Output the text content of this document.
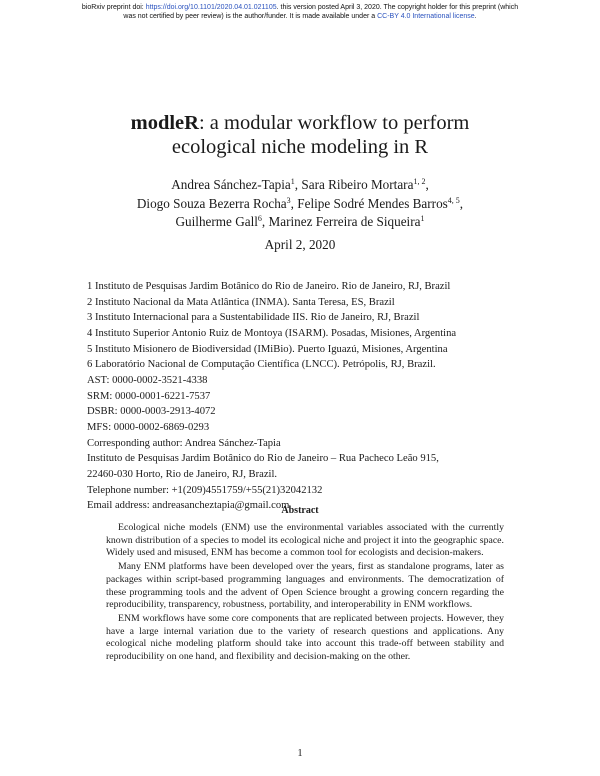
bioRxiv preprint doi: https://doi.org/10.1101/2020.04.01.021105. this version posted April 3, 2020. The copyright holder for this preprint (which
was not certified by peer review) is the author/funder. It is made available under a CC-BY 4.0 International license.
modleR: a modular workflow to perform
ecological niche modeling in R
Andrea Sánchez-Tapia$^1$, Sara Ribeiro Mortara$^{1, 2}$,
Diogo Souza Bezerra Rocha$^3$, Felipe Sodré Mendes Barros$^{4, 5}$,
Guilherme Gall$^6$, Marinez Ferreira de Siqueira$^1$
April 2, 2020
1 Instituto de Pesquisas Jardim Botânico do Rio de Janeiro. Rio de Janeiro, RJ, Brazil
2 Instituto Nacional da Mata Atlântica (INMA). Santa Teresa, ES, Brazil
3 Instituto Internacional para a Sustentabilidade IIS. Rio de Janeiro, RJ, Brazil
4 Instituto Superior Antonio Ruiz de Montoya (ISARM). Posadas, Misiones, Argentina
5 Instituto Misionero de Biodiversidad (IMiBio). Puerto Iguazú, Misiones, Argentina
6 Laboratório Nacional de Computação Científica (LNCC). Petrópolis, RJ, Brazil.
AST: 0000-0002-3521-4338
SRM: 0000-0001-6221-7537
DSBR: 0000-0003-2913-4072
MFS: 0000-0002-6869-0293
Corresponding author: Andrea Sánchez-Tapia
Instituto de Pesquisas Jardim Botânico do Rio de Janeiro – Rua Pacheco Leão 915,
22460-030 Horto, Rio de Janeiro, RJ, Brazil.
Telephone number: +1(209)4551759/+55(21)32042132
Email address: andreasancheztapia@gmail.com
Abstract

Ecological niche models (ENM) use the environmental variables associated with the currently known distribution of a species to model its ecological niche and project it into the geographic space. Widely used and misused, ENM has become a common tool for ecologists and decision-makers.

Many ENM platforms have been developed over the years, first as standalone programs, later as packages within script-based programming languages and environments. The democratization of these programming tools and the advent of Open Science brought a growing concern regarding the reproducibility, transparency, robustness, portability, and interoperability in ENM workflows.

ENM workflows have some core components that are replicated between projects. However, they have a large internal variation due to the variety of research questions and applications. Any ecological niche modeling platform should take into account this trade-off between stability and reproducibility on one hand, and flexibility and decision-making on the other.

1
